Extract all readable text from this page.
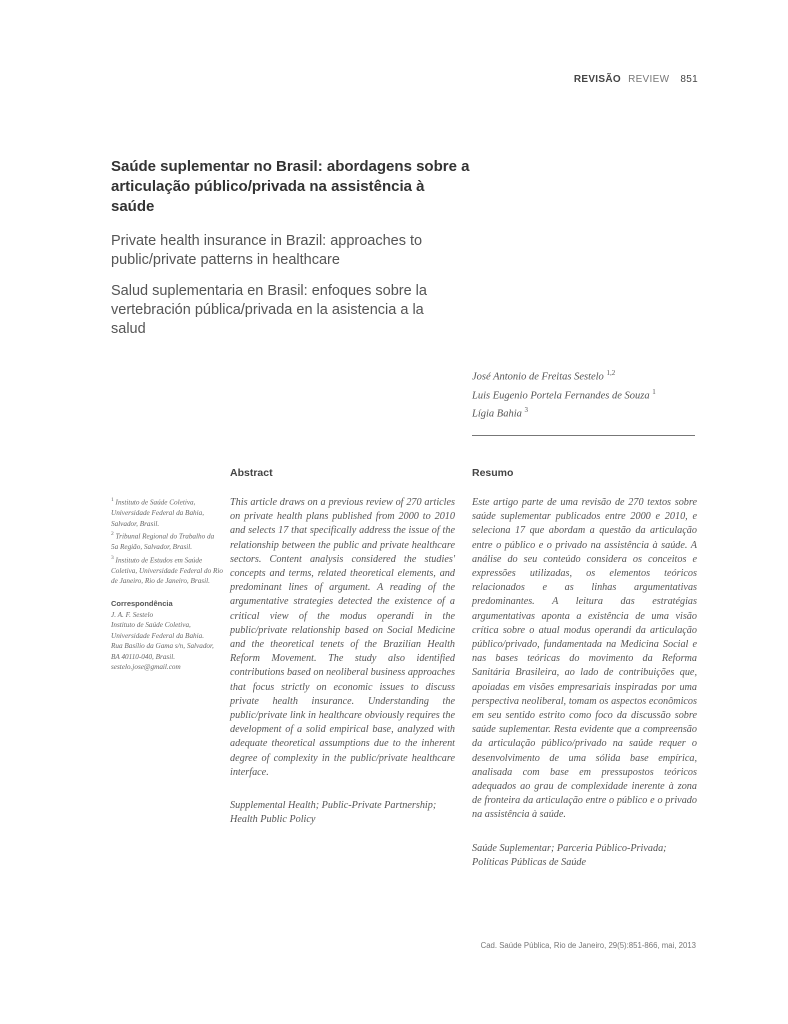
REVISÃO REVIEW 851
Saúde suplementar no Brasil: abordagens sobre a articulação público/privada na assistência à saúde
Private health insurance in Brazil: approaches to public/private patterns in healthcare
Salud suplementaria en Brasil: enfoques sobre la vertebración pública/privada en la asistencia a la salud
José Antonio de Freitas Sestelo $^{1,2}$
Luis Eugenio Portela Fernandes de Souza $^1$
Lígia Bahia $^3$

$^1$ Instituto de Saúde Coletiva, Universidade Federal da Bahia, Salvador, Brasil.

$^2$ Tribunal Regional do Trabalho da 5a Região, Salvador, Brasil.

$^3$ Instituto de Estudos em Saúde Coletiva, Universidade Federal do Rio de Janeiro, Rio de Janeiro, Brasil.

Correspondência

J. A. F. Sestelo

Instituto de Saúde Coletiva, Universidade Federal da Bahia.

Rua Basílio da Gama s/n, Salvador, BA 40110-040, Brasil.

sestelo.jose@gmail.com

Abstract

This article draws on a previous review of 270 articles on private health plans published from 2000 to 2010 and selects 17 that specifically address the issue of the relationship between the public and private healthcare sectors. Content analysis considered the studies' concepts and terms, related theoretical elements, and predominant lines of argument. A reading of the argumentative strategies detected the existence of a critical view of the modus operandi in the public/private relationship based on Social Medicine and the theoretical tenets of the Brazilian Health Reform Movement. The study also identified contributions based on neoliberal business approaches that focus strictly on economic issues to discuss private health insurance. Understanding the public/private link in healthcare obviously requires the development of a solid empirical base, analyzed with adequate theoretical assumptions due to the inherent degree of complexity in the public/private healthcare interface.

Supplemental Health; Public-Private Partnership; Health Public Policy

Resumo

Este artigo parte de uma revisão de 270 textos sobre saúde suplementar publicados entre 2000 e 2010, e seleciona 17 que abordam a questão da articulação entre o público e o privado na assistência à saúde. A análise do seu conteúdo considera os conceitos e expressões utilizadas, os elementos teóricos relacionados e as linhas argumentativas predominantes. A leitura das estratégias argumentativas aponta a existência de uma visão crítica sobre o atual modus operandi da articulação público/privado, fundamentada na Medicina Social e nas bases teóricas do movimento da Reforma Sanitária Brasileira, ao lado de contribuições que, apoiadas em visões empresariais inspiradas por uma perspectiva neoliberal, tomam os aspectos econômicos em seu sentido estrito como foco da discussão sobre saúde suplementar. Resta evidente que a compreensão da articulação público/privado na saúde requer o desenvolvimento de uma sólida base empírica, analisada com base em pressupostos teóricos adequados ao grau de complexidade inerente à zona de fronteira da articulação entre o público e o privado na assistência à saúde.

Saúde Suplementar; Parceria Público-Privada; Políticas Públicas de Saúde

Cad. Saúde Pública, Rio de Janeiro, 29(5):851-866, mai, 2013
